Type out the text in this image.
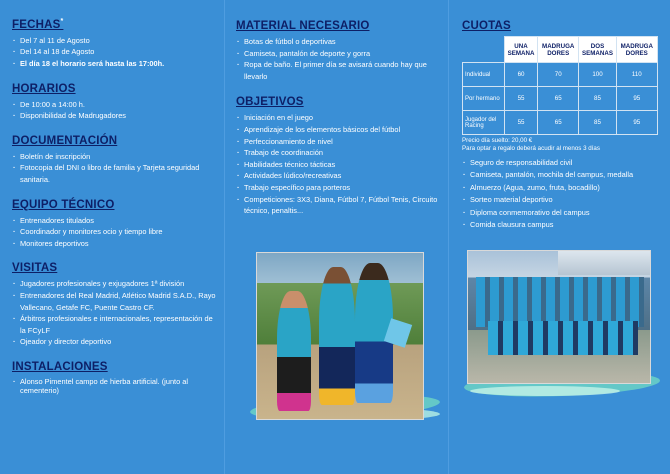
FECHAS*
· Del 7 al 11 de Agosto
· Del 14 al 18 de Agosto
· El día 18 el horario será hasta las 17:00h.
HORARIOS
· De 10:00 a 14:00 h.
· Disponibilidad de Madrugadores
DOCUMENTACIÓN
· Boletín de inscripción
· Fotocopia del DNI o libro de familia y Tarjeta seguridad sanitaria.
EQUIPO TÉCNICO
· Entrenadores titulados
· Coordinador y monitores ocio y tiempo libre
· Monitores deportivos
VISITAS
· Jugadores profesionales y exjugadores 1ª división
· Entrenadores del Real Madrid, Atlético Madrid S.A.D., Rayo Vallecano, Getafe FC, Puente Castro CF.
· Árbitros profesionales e internacionales, representación de la FCyLF
· Ojeador y director deportivo
INSTALACIONES
· Alonso Pimentel campo de hierba artificial. (junto al cementerio)
MATERIAL NECESARIO
· Botas de fútbol o deportivas
· Camiseta, pantalón de deporte y gorra
· Ropa de baño. El primer día se avisará cuando hay que llevarlo
OBJETIVOS
· Iniciación en el juego
· Aprendizaje de los elementos básicos del fútbol
· Perfeccionamiento de nivel
· Trabajo de coordinación
· Habilidades técnico tácticas
· Actividades lúdico/recreativas
· Trabajo específico para porteros
· Competiciones: 3X3, Diana, Fútbol 7, Fútbol Tenis, Circuito técnico, penaltis...
CUOTAS
	UNA SEMANA	MADRUGA DORES	DOS SEMANAS	MADRUGA DORES
Individual	60	70	100	110
Por hermano	55	65	85	95
Jugador del Racing	55	65	85	95
Precio día suelto: 20,00 €
Para optar a regalo deberá acudir al menos 3 días
· Seguro de responsabilidad civil
· Camiseta, pantalón, mochila del campus, medalla
· Almuerzo (Agua, zumo, fruta, bocadillo)
· Sorteo material deportivo
· Diploma conmemorativo del campus
· Comida clausura campus
